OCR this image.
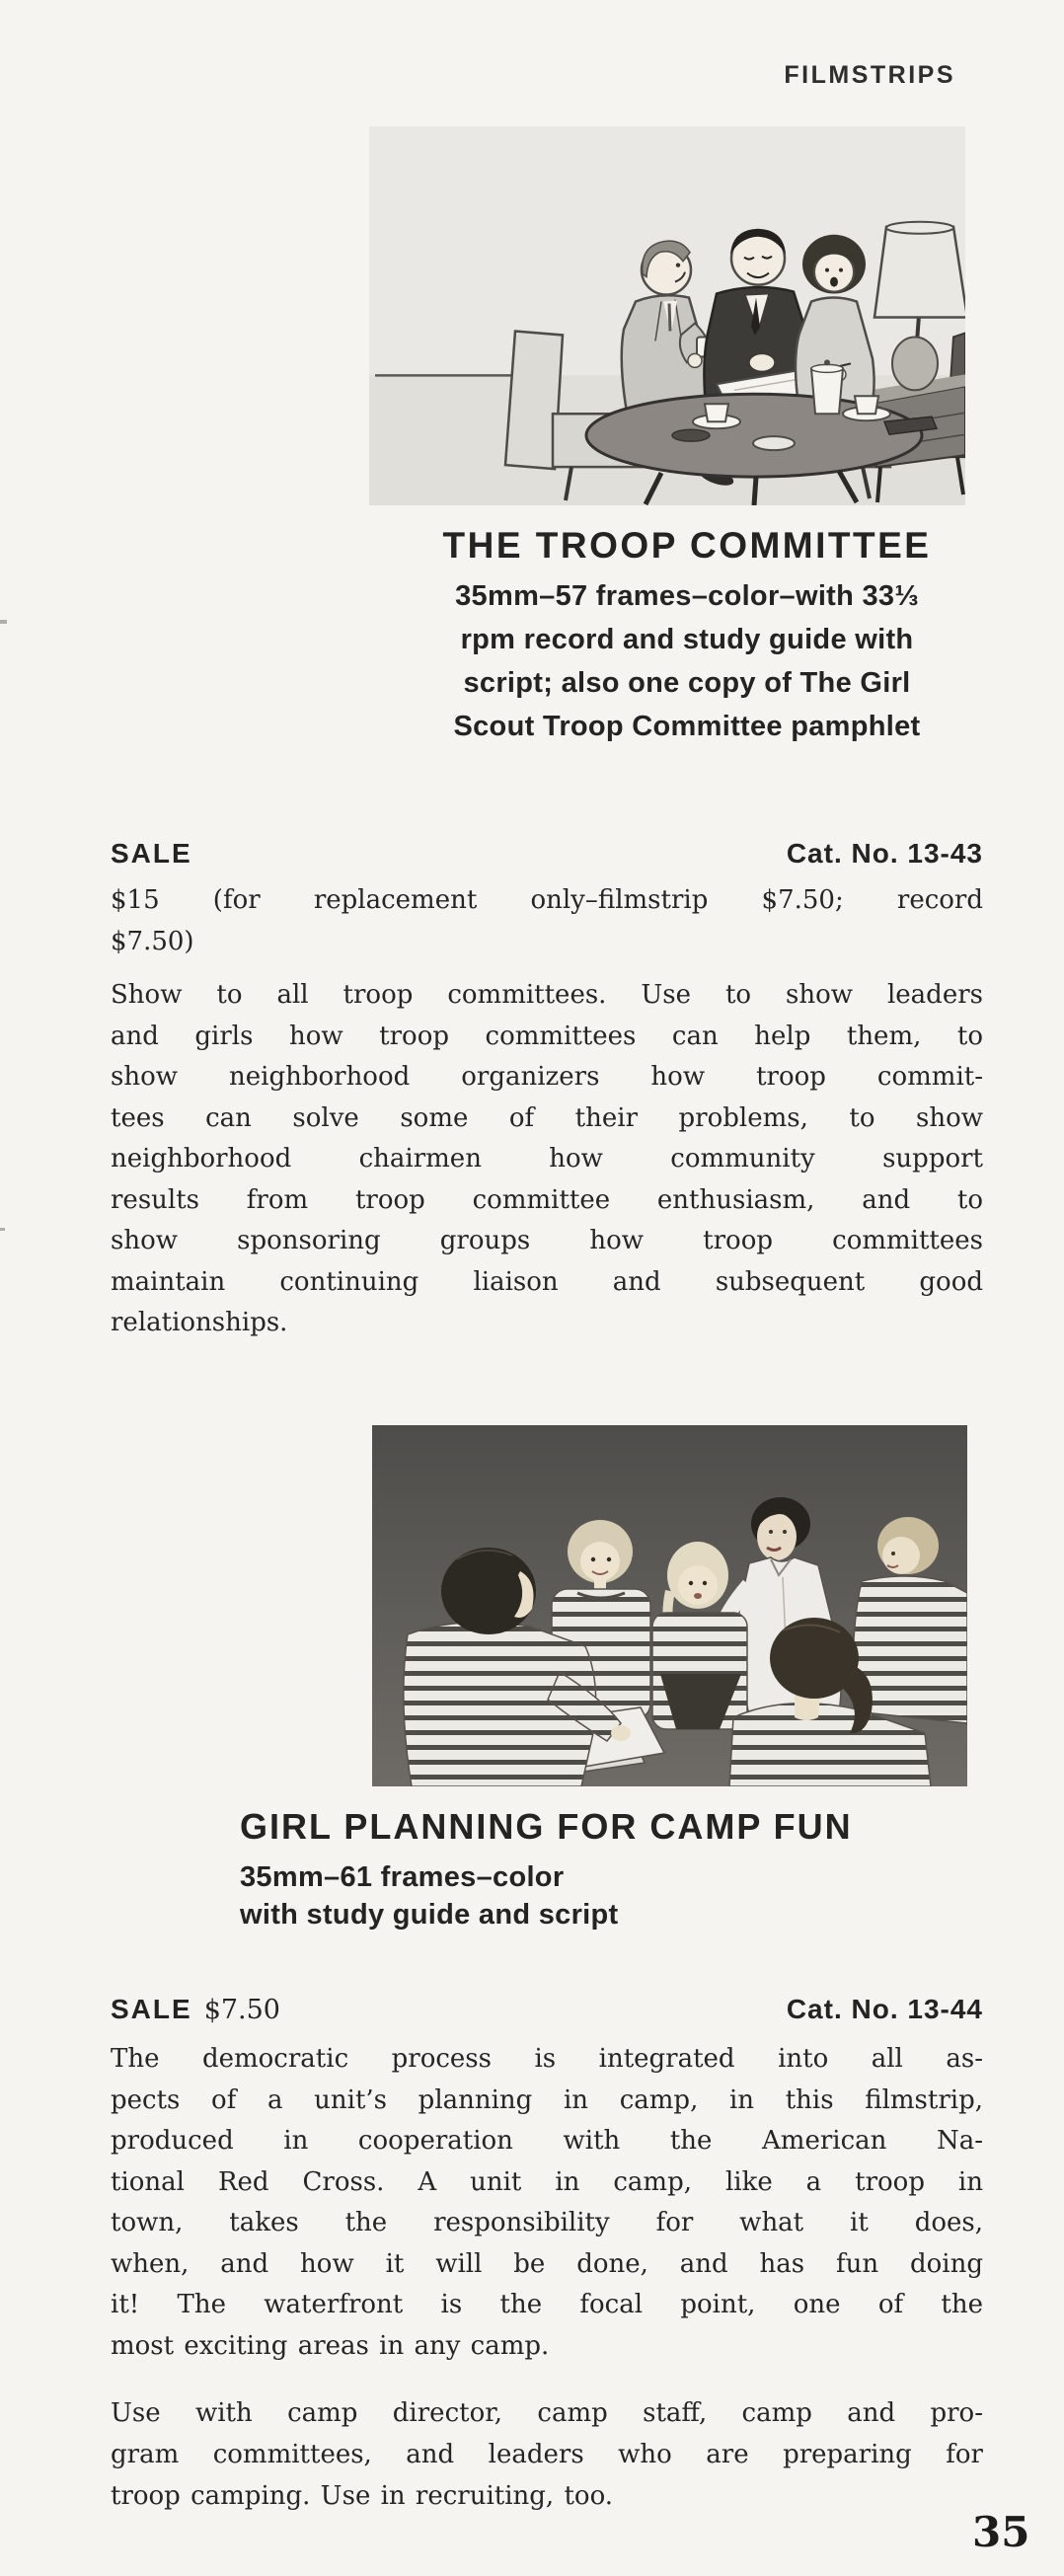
FILMSTRIPS
THE TROOP COMMITTEE
35mm–57 frames–color–with 33⅓
rpm record and study guide with
script; also one copy of The Girl
Scout Troop Committee pamphlet
SALE	Cat. No. 13-43
$15 (for replacement only–filmstrip $7.50; record
$7.50)
Show to all troop committees. Use to show leaders
and girls how troop committees can help them, to
show neighborhood organizers how troop commit-
tees can solve some of their problems, to show
neighborhood chairmen how community support
results from troop committee enthusiasm, and to
show sponsoring groups how troop committees
maintain continuing liaison and subsequent good
relationships.
GIRL PLANNING FOR CAMP FUN
35mm–61 frames–color
with study guide and script
SALE $7.50	Cat. No. 13-44
The democratic process is integrated into all as-
pects of a unit’s planning in camp, in this filmstrip,
produced in cooperation with the American Na-
tional Red Cross. A unit in camp, like a troop in
town, takes the responsibility for what it does,
when, and how it will be done, and has fun doing
it! The waterfront is the focal point, one of the
most exciting areas in any camp.
Use with camp director, camp staff, camp and pro-
gram committees, and leaders who are preparing for
troop camping. Use in recruiting, too.
35
